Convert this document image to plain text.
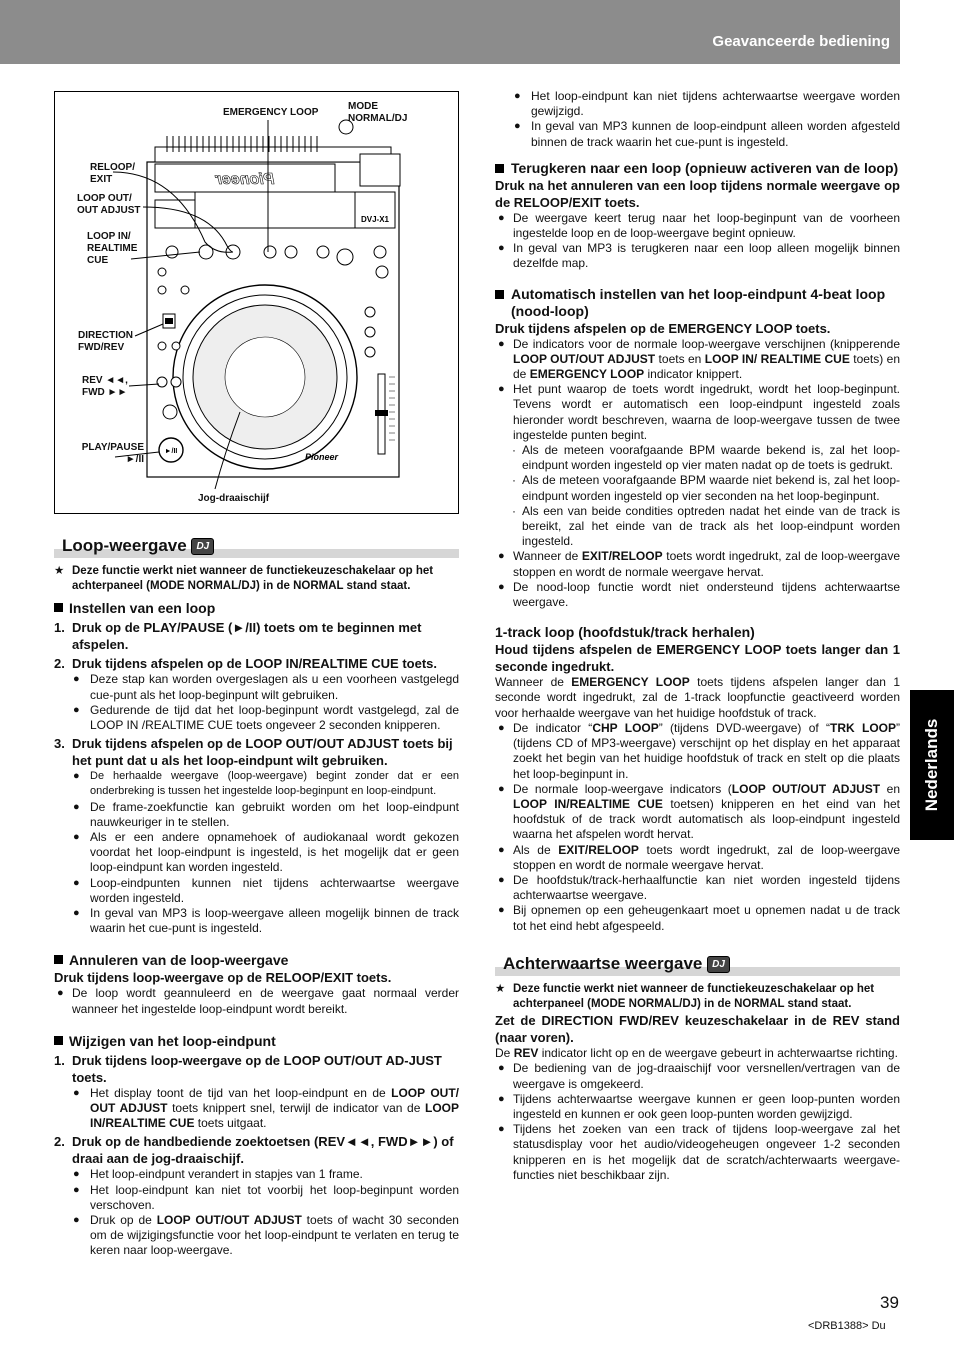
Geavanceerde bediening
Nederlands
Pioneer
DVJ-X1
►/II
Pioneer
EMERGENCY LOOP
MODE NORMAL/DJ
RELOOP/ EXIT
LOOP OUT/ OUT ADJUST
LOOP IN/ REALTIME CUE
DIRECTION FWD/REV
REV ◄◄, FWD ►►
PLAY/PAUSE ►/II
Jog-draaischijf
Loop-weergave DJ
★ Deze functie werkt niet wanneer de functiekeuzeschakelaar op het achterpaneel (MODE NORMAL/DJ) in de NORMAL stand staat.
Instellen van een loop
1. Druk op de PLAY/PAUSE (►/II) toets om te beginnen met afspelen.
2. Druk tijdens afspelen op de LOOP IN/REALTIME CUE toets.

● Deze stap kan worden overgeslagen als u een voorheen vastgelegd cue-punt als het loop-beginpunt wilt gebruiken.

● Gedurende de tijd dat het loop-beginpunt wordt vastgelegd, zal de LOOP IN /REALTIME CUE toets ongeveer 2 seconden knipperen.

3. Druk tijdens afspelen op de LOOP OUT/OUT ADJUST toets bij het punt dat u als het loop-eindpunt wilt gebruiken.

● De herhaalde weergave (loop-weergave) begint zonder dat er een onderbreking is tussen het ingestelde loop-beginpunt en loop-eindpunt.

● De frame-zoekfunctie kan gebruikt worden om het loop-eindpunt nauwkeuriger in te stellen.

● Als er een andere opnamehoek of audiokanaal wordt gekozen voordat het loop-eindpunt is ingesteld, is het mogelijk dat er geen loop-eindpunt kan worden ingesteld.

● Loop-eindpunten kunnen niet tijdens achterwaartse weergave worden ingesteld.

● In geval van MP3 is loop-weergave alleen mogelijk binnen de track waarin het cue-punt is ingesteld.

Annuleren van de loop-weergave
Druk tijdens loop-weergave op de RELOOP/EXIT toets.

● De loop wordt geannuleerd en de weergave gaat normaal verder wanneer het ingestelde loop-eindpunt wordt bereikt.

Wijzigen van het loop-eindpunt
1. Druk tijdens loop-weergave op de LOOP OUT/OUT AD-JUST toets.

● Het display toont de tijd van het loop-eindpunt en de LOOP OUT/ OUT ADJUST toets knippert snel, terwijl de indicator van de LOOP IN/REALTIME CUE toets uitgaat.

2. Druk op de handbediende zoektoetsen (REV◄◄, FWD►►) of draai aan de jog-draaischijf.

● Het loop-eindpunt verandert in stapjes van 1 frame.

● Het loop-eindpunt kan niet tot voorbij het loop-beginpunt worden verschoven.

● Druk op de LOOP OUT/OUT ADJUST toets of wacht 30 seconden om de wijzigingsfunctie voor het loop-eindpunt te verlaten en terug te keren naar loop-weergave.

● Het loop-eindpunt kan niet tijdens achterwaartse weergave worden gewijzigd.

● In geval van MP3 kunnen de loop-eindpunt alleen worden afgesteld binnen de track waarin het cue-punt is ingesteld.

Terugkeren naar een loop (opnieuw activeren van de loop)
Druk na het annuleren van een loop tijdens normale weergave op de RELOOP/EXIT toets.

● De weergave keert terug naar het loop-beginpunt van de voorheen ingestelde loop en de loop-weergave begint opnieuw.

● In geval van MP3 is terugkeren naar een loop alleen mogelijk binnen dezelfde map.

Automatisch instellen van het loop-eindpunt 4-beat loop (nood-loop)
Druk tijdens afspelen op de EMERGENCY LOOP toets.

● De indicators voor de normale loop-weergave verschijnen (knipperende LOOP OUT/OUT ADJUST toets en LOOP IN/ REALTIME CUE toets) en de EMERGENCY LOOP indicator knippert.

● Het punt waarop de toets wordt ingedrukt, wordt het loop-beginpunt. Tevens wordt er automatisch een loop-eindpunt ingesteld zoals hieronder wordt beschreven, waarna de loop-weergave tussen de twee ingestelde punten begint.

· Als de meteen voorafgaande BPM waarde bekend is, zal het loop-eindpunt worden ingesteld op vier maten nadat op de toets is gedrukt.

· Als de meteen voorafgaande BPM waarde niet bekend is, zal het loop-eindpunt worden ingesteld op vier seconden na het loop-beginpunt.

· Als een van beide condities optreden nadat het einde van de track is bereikt, zal het einde van de track als het loop-eindpunt worden ingesteld.

● Wanneer de EXIT/RELOOP toets wordt ingedrukt, zal de loop-weergave stoppen en wordt de normale weergave hervat.

● De nood-loop functie wordt niet ondersteund tijdens achterwaartse weergave.

1-track loop (hoofdstuk/track herhalen)
Houd tijdens afspelen de EMERGENCY LOOP toets langer dan 1 seconde ingedrukt.

Wanneer de EMERGENCY LOOP toets tijdens afspelen langer dan 1 seconde wordt ingedrukt, zal de 1-track loopfunctie geactiveerd worden voor herhaalde weergave van het huidige hoofdstuk of track.

● De indicator “CHP LOOP” (tijdens DVD-weergave) of “TRK LOOP” (tijdens CD of MP3-weergave) verschijnt op het display en het apparaat zoekt het begin van het huidige hoofdstuk of track en stelt op die plaats het loop-beginpunt in.

● De normale loop-weergave indicators (LOOP OUT/OUT ADJUST en LOOP IN/REALTIME CUE toetsen) knipperen en het eind van het hoofdstuk of de track wordt automatisch als loop-eindpunt ingesteld waarna het afspelen wordt hervat.

● Als de EXIT/RELOOP toets wordt ingedrukt, zal de loop-weergave stoppen en wordt de normale weergave hervat.

● De hoofdstuk/track-herhaalfunctie kan niet worden ingesteld tijdens achterwaartse weergave.

● Bij opnemen op een geheugenkaart moet u opnemen nadat u de track tot het eind hebt afgespeeld.

Achterwaartse weergave DJ
★ Deze functie werkt niet wanneer de functiekeuzeschakelaar op het achterpaneel (MODE NORMAL/DJ) in de NORMAL stand staat.
Zet de DIRECTION FWD/REV keuzeschakelaar in de REV stand (naar voren).

De REV indicator licht op en de weergave gebeurt in achterwaartse richting.

● De bediening van de jog-draaischijf voor versnellen/vertragen van de weergave is omgekeerd.

● Tijdens achterwaartse weergave kunnen er geen loop-punten worden ingesteld en kunnen er ook geen loop-punten worden gewijzigd.

● Tijdens het zoeken van een track of tijdens loop-weergave zal het statusdisplay voor het audio/videogeheugen ongeveer 1-2 seconden knipperen en is het mogelijk dat de scratch/achterwaarts weergave-functies niet beschikbaar zijn.

39
<DRB1388> Du
